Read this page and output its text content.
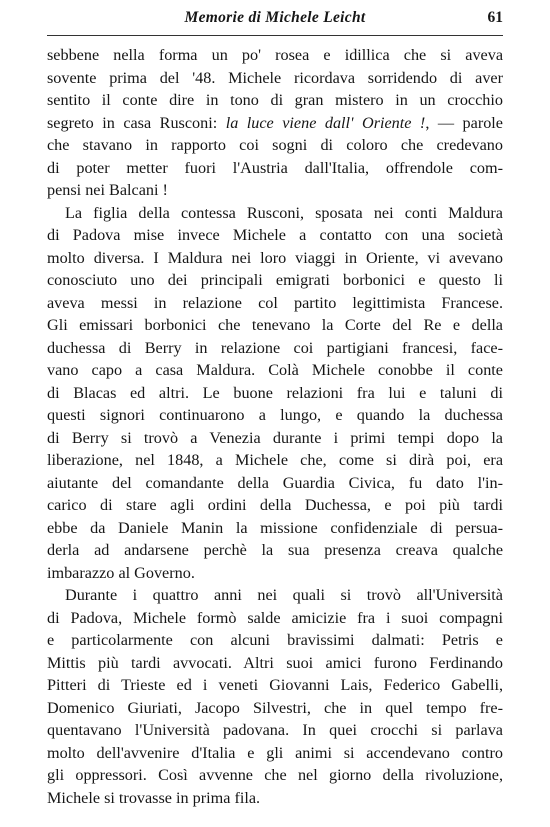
Memorie di Michele Leicht	61
sebbene nella forma un po' rosea e idillica che si aveva
sovente prima del '48. Michele ricordava sorridendo di aver
sentito il conte dire in tono di gran mistero in un crocchio
segreto in casa Rusconi: la luce viene dall' Oriente !, — parole
che stavano in rapporto coi sogni di coloro che credevano
di poter metter fuori l'Austria dall'Italia, offrendole com-
pensi nei Balcani !
La figlia della contessa Rusconi, sposata nei conti Maldura
di Padova mise invece Michele a contatto con una società
molto diversa. I Maldura nei loro viaggi in Oriente, vi avevano
conosciuto uno dei principali emigrati borbonici e questo li
aveva messi in relazione col partito legittimista Francese.
Gli emissari borbonici che tenevano la Corte del Re e della
duchessa di Berry in relazione coi partigiani francesi, face-
vano capo a casa Maldura. Colà Michele conobbe il conte
di Blacas ed altri. Le buone relazioni fra lui e taluni di
questi signori continuarono a lungo, e quando la duchessa
di Berry si trovò a Venezia durante i primi tempi dopo la
liberazione, nel 1848, a Michele che, come si dirà poi, era
aiutante del comandante della Guardia Civica, fu dato l'in-
carico di stare agli ordini della Duchessa, e poi più tardi
ebbe da Daniele Manin la missione confidenziale di persua-
derla ad andarsene perchè la sua presenza creava qualche
imbarazzo al Governo.
Durante i quattro anni nei quali si trovò all'Università
di Padova, Michele formò salde amicizie fra i suoi compagni
e particolarmente con alcuni bravissimi dalmati: Petris e
Mittis più tardi avvocati. Altri suoi amici furono Ferdinando
Pitteri di Trieste ed i veneti Giovanni Lais, Federico Gabelli,
Domenico Giuriati, Jacopo Silvestri, che in quel tempo fre-
quentavano l'Università padovana. In quei crocchi si parlava
molto dell'avvenire d'Italia e gli animi si accendevano contro
gli oppressori. Così avvenne che nel giorno della rivoluzione,
Michele si trovasse in prima fila.
